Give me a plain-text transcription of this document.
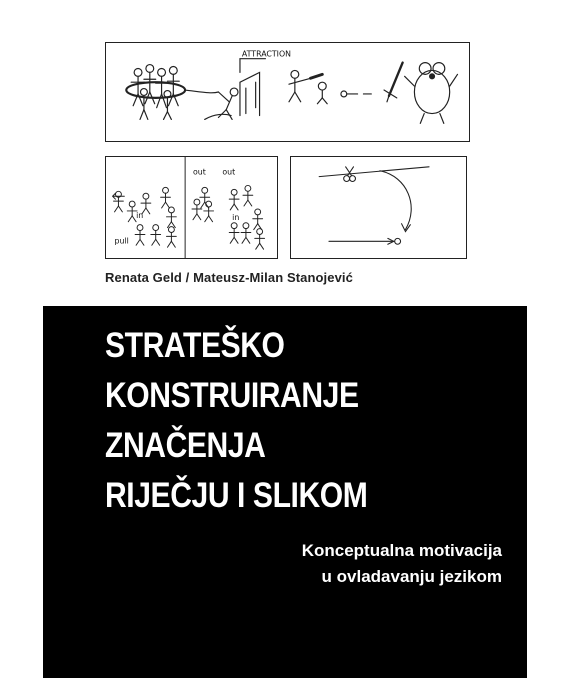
ATTRACTION
out
in
out
in
pull
Renata Geld / Mateusz-Milan Stanojević
STRATEŠKO
KONSTRUIRANJE
ZNAČENJA
RIJEČJU I SLIKOM
Konceptualna motivacija
u ovladavanju jezikom
